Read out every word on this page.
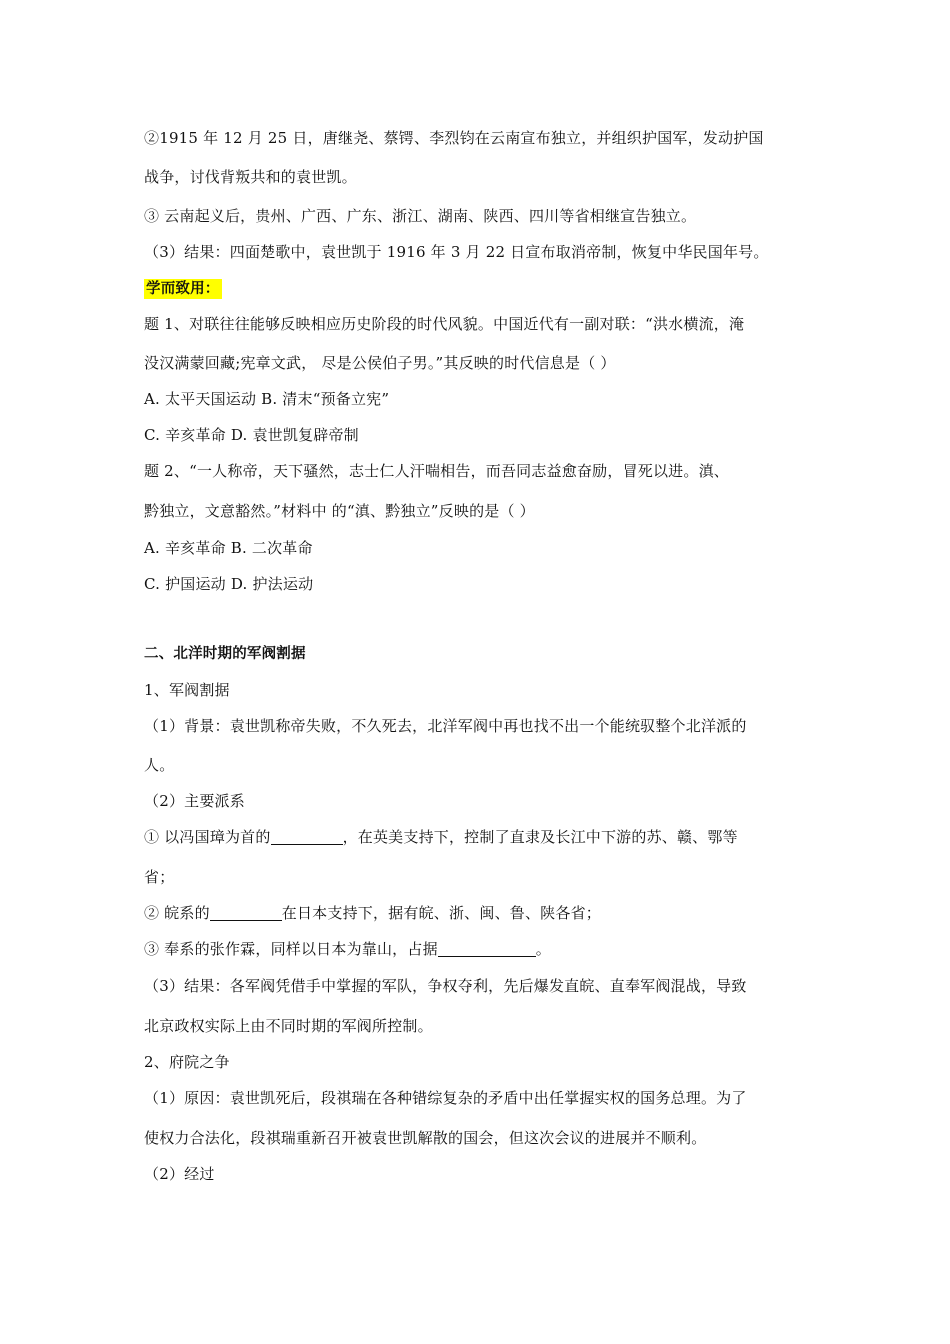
②1915 年 12 月 25 日，唐继尧、蔡锷、李烈钧在云南宣布独立，并组织护国军，发动护国
战争，讨伐背叛共和的袁世凯。
③ 云南起义后，贵州、广西、广东、浙江、湖南、陕西、四川等省相继宣告独立。
（3）结果：四面楚歌中，袁世凯于 1916 年 3 月 22 日宣布取消帝制，恢复中华民国年号。
学而致用：
题 1、对联往往能够反映相应历史阶段的时代风貌。中国近代有一副对联：“洪水横流，淹
没汉满蒙回藏;宪章文武， 尽是公侯伯子男。”其反映的时代信息是（ ）
A. 太平天国运动 B. 清末“预备立宪”
C. 辛亥革命 D. 袁世凯复辟帝制
题 2、“一人称帝，天下骚然，志士仁人汗喘相告，而吾同志益愈奋励，冒死以进。滇、
黔独立，文意豁然。”材料中 的“滇、黔独立”反映的是（ ）
A. 辛亥革命 B. 二次革命
C. 护国运动 D. 护法运动
二、北洋时期的军阀割据
1、军阀割据
（1）背景：袁世凯称帝失败，不久死去，北洋军阀中再也找不出一个能统驭整个北洋派的
人。
（2）主要派系
① 以冯国璋为首的	，在英美支持下，控制了直隶及长江中下游的苏、赣、鄂等
省；
② 皖系的	在日本支持下，据有皖、浙、闽、鲁、陕各省；
③ 奉系的张作霖，同样以日本为靠山，占据	。
（3）结果：各军阀凭借手中掌握的军队，争权夺利，先后爆发直皖、直奉军阀混战，导致
北京政权实际上由不同时期的军阀所控制。
2、府院之争
（1）原因：袁世凯死后，段祺瑞在各种错综复杂的矛盾中出任掌握实权的国务总理。为了
使权力合法化，段祺瑞重新召开被袁世凯解散的国会，但这次会议的进展并不顺利。
（2）经过
